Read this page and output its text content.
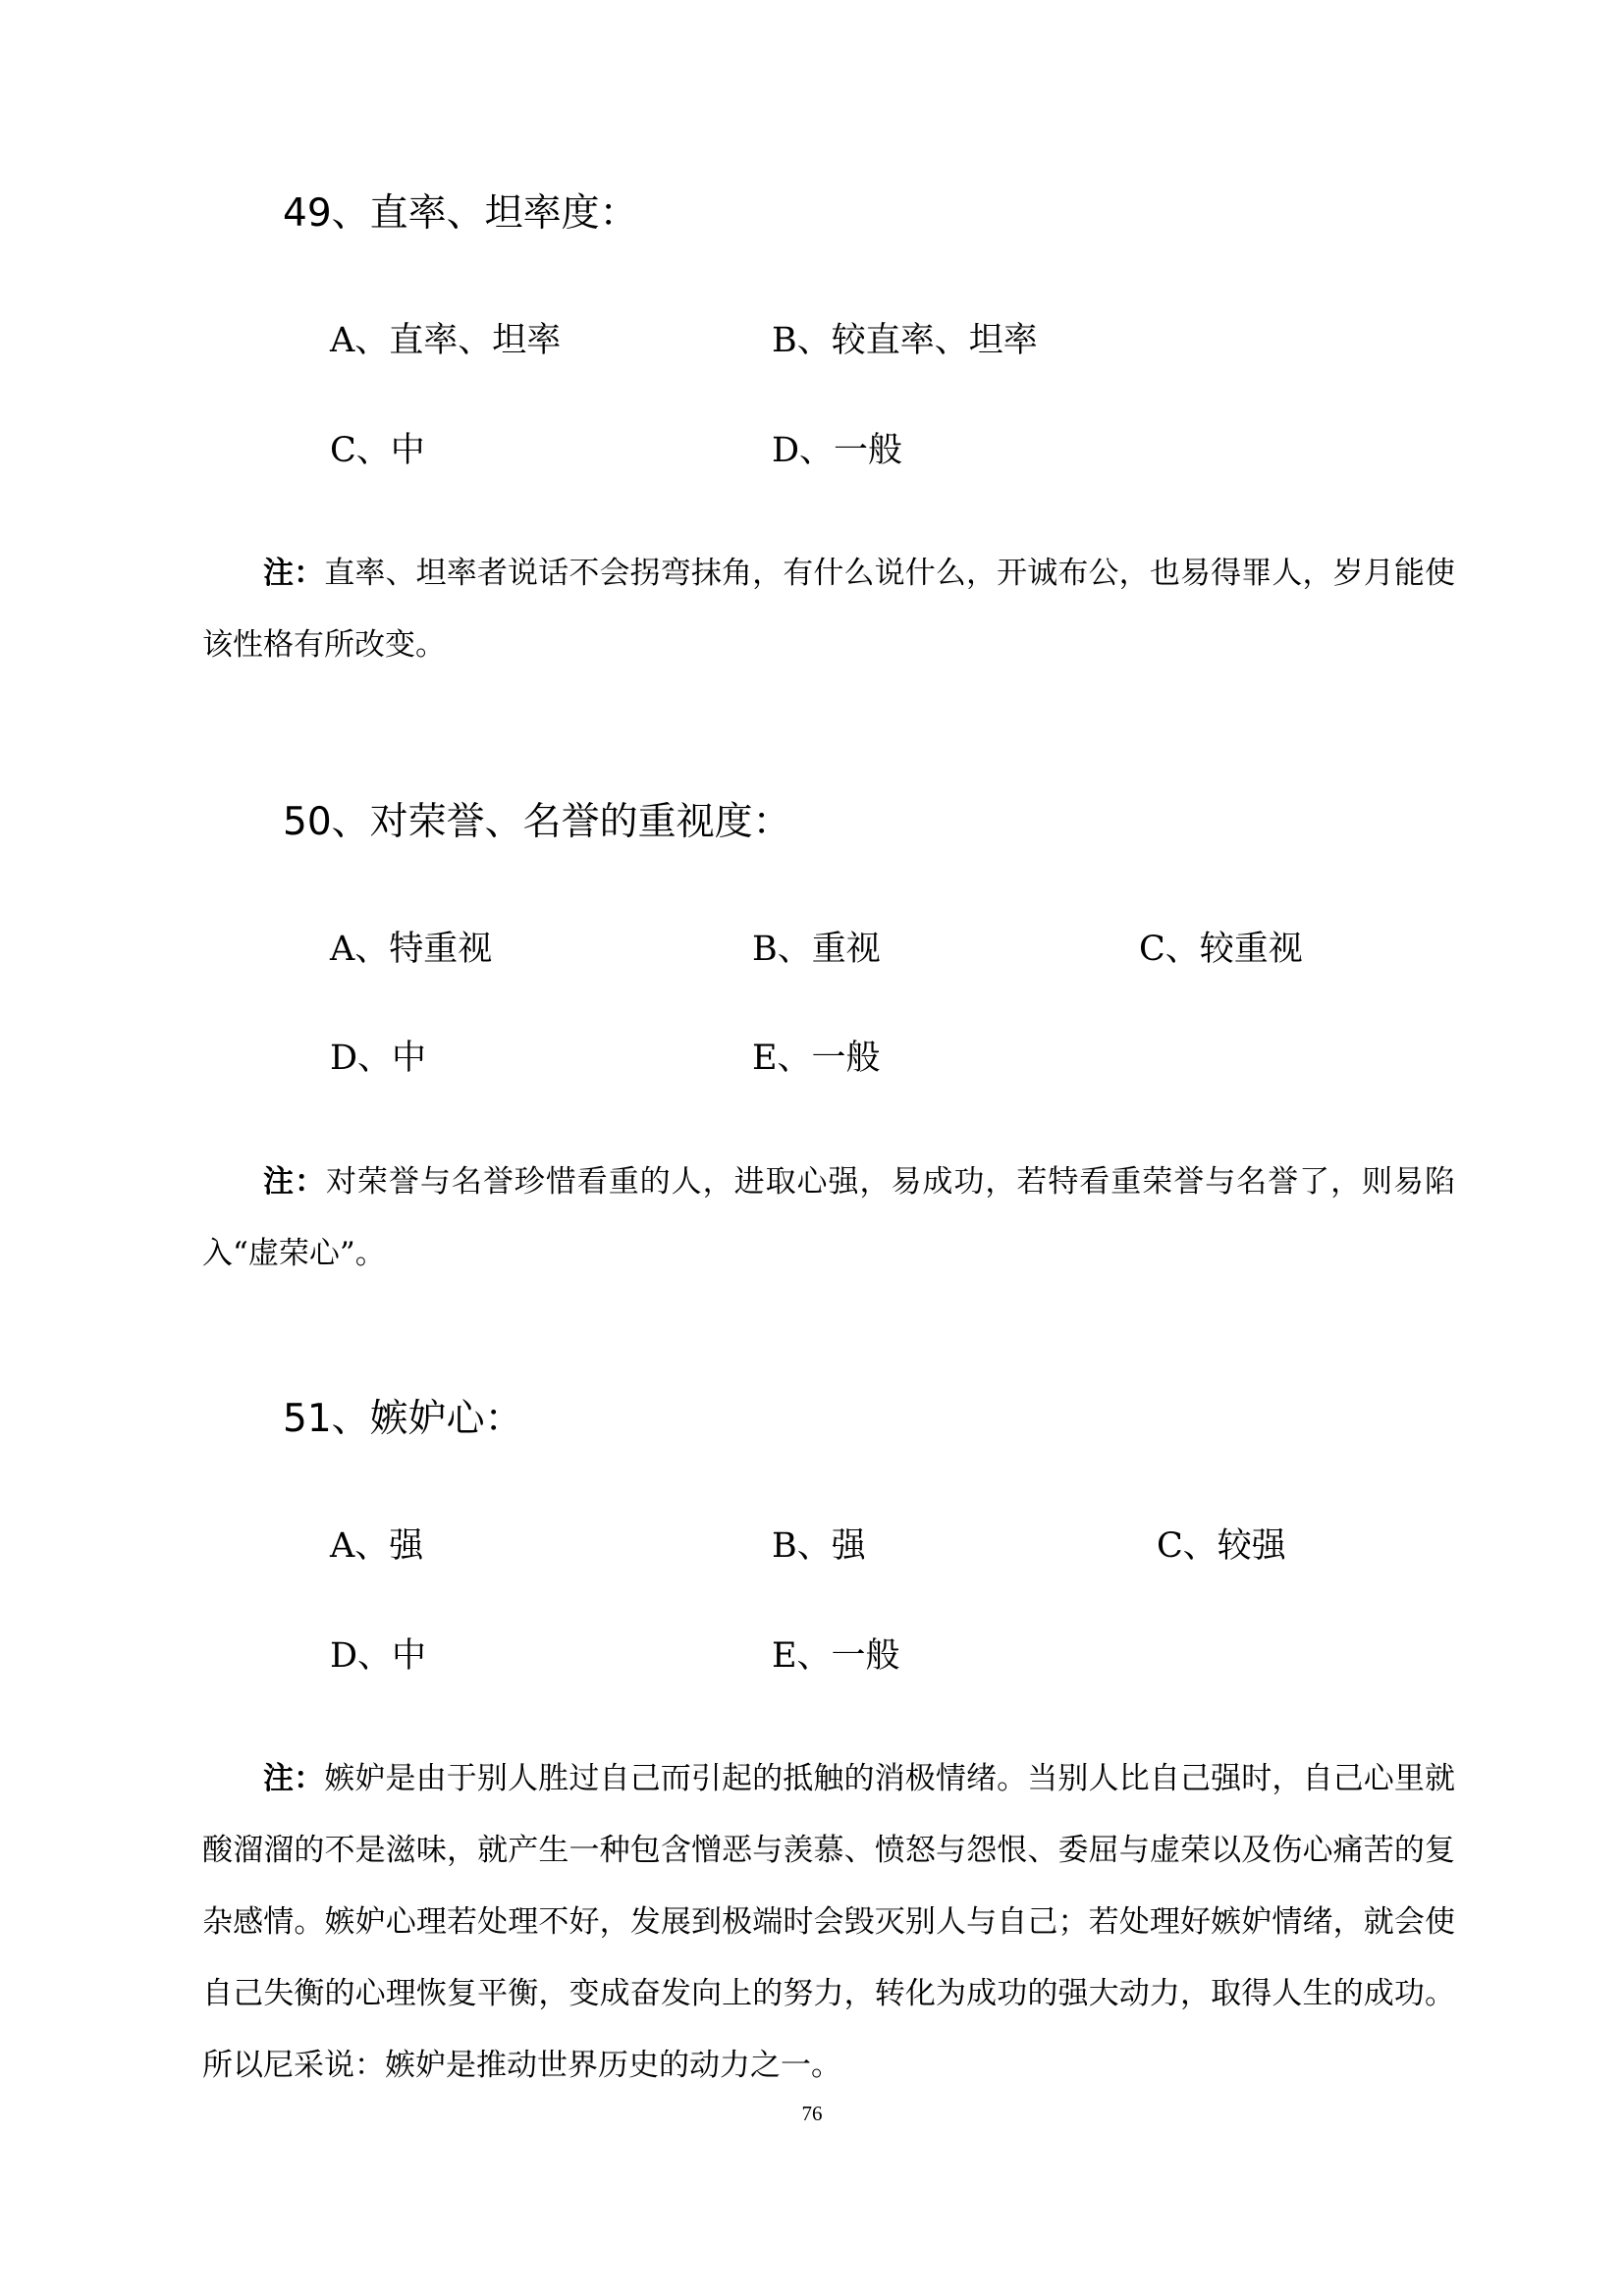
49、直率、坦率度：
A、直率、坦率	B、较直率、坦率
C、中	D、一般

注：直率、坦率者说话不会拐弯抹角，有什么说什么，开诚布公，也易得罪人，岁月能使该性格有所改变。

50、对荣誉、名誉的重视度：
A、特重视	B、重视	C、较重视
D、中	E、一般

注：对荣誉与名誉珍惜看重的人，进取心强，易成功，若特看重荣誉与名誉了，则易陷入“虚荣心”。

51、嫉妒心：
A、强	B、强	C、较强
D、中	E、一般

注：嫉妒是由于别人胜过自己而引起的抵触的消极情绪。当别人比自己强时，自己心里就酸溜溜的不是滋味，就产生一种包含憎恶与羡慕、愤怒与怨恨、委屈与虚荣以及伤心痛苦的复杂感情。嫉妒心理若处理不好，发展到极端时会毁灭别人与自己；若处理好嫉妒情绪，就会使自己失衡的心理恢复平衡，变成奋发向上的努力，转化为成功的强大动力，取得人生的成功。所以尼采说：嫉妒是推动世界历史的动力之一。

76
